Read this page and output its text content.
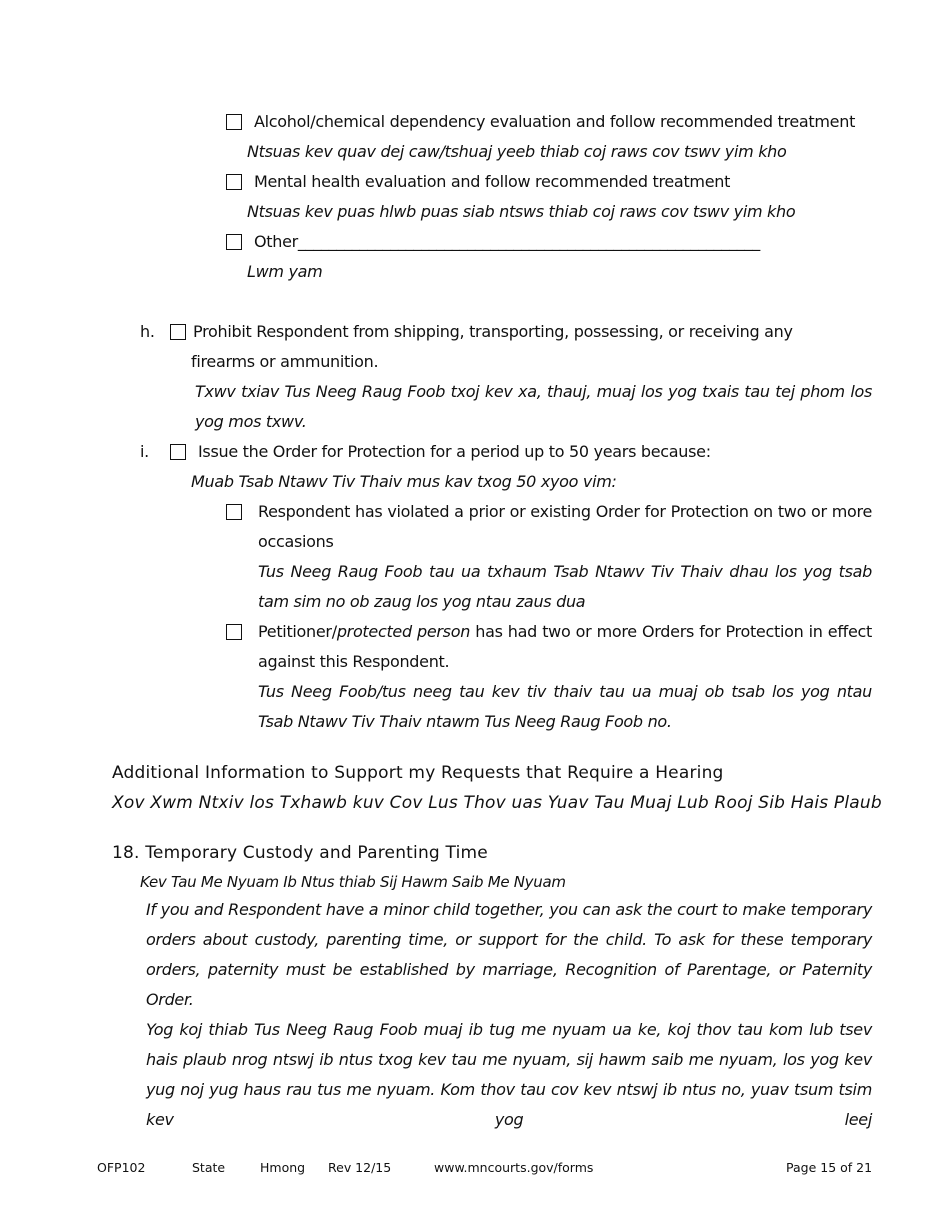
Alcohol/chemical dependency evaluation and follow recommended treatment
Ntsuas kev quav dej caw/tshuaj yeeb thiab coj raws cov tswv yim kho
Mental health evaluation and follow recommended treatment
Ntsuas kev puas hlwb puas siab ntsws thiab coj raws cov tswv yim kho
Other____________________________________________________________
Lwm yam
h. Prohibit Respondent from shipping, transporting, possessing, or receiving any
firearms or ammunition.
Txwv txiav Tus Neeg Raug Foob txoj kev xa, thauj, muaj los yog txais tau tej phom los yog mos txwv.
i.	Issue the Order for Protection for a period up to 50 years because:
Muab Tsab Ntawv Tiv Thaiv mus kav txog 50 xyoo vim:
Respondent has violated a prior or existing Order for Protection on two or more occasions
Tus Neeg Raug Foob tau ua txhaum Tsab Ntawv Tiv Thaiv dhau los yog tsab tam sim no ob zaug los yog ntau zaus dua
Petitioner/protected person has had two or more Orders for Protection in effect against this Respondent.
Tus Neeg Foob/tus neeg tau kev tiv thaiv tau ua muaj ob tsab los yog ntau Tsab Ntawv Tiv Thaiv ntawm Tus Neeg Raug Foob no.
Additional Information to Support my Requests that Require a Hearing
Xov Xwm Ntxiv los Txhawb kuv Cov Lus Thov uas Yuav Tau Muaj Lub Rooj Sib Hais Plaub
18. Temporary Custody and Parenting Time
Kev Tau Me Nyuam Ib Ntus thiab Sij Hawm Saib Me Nyuam
If you and Respondent have a minor child together, you can ask the court to make temporary orders about custody, parenting time, or support for the child. To ask for these temporary orders, paternity must be established by marriage, Recognition of Parentage, or Paternity Order.
Yog koj thiab Tus Neeg Raug Foob muaj ib tug me nyuam ua ke, koj thov tau kom lub tsev hais plaub nrog ntswj ib ntus txog kev tau me nyuam, sij hawm saib me nyuam, los yog kev yug noj yug haus rau tus me nyuam. Kom thov tau cov kev ntswj ib ntus no, yuav tsum tsim kev yog leej
OFP102	State	Hmong Rev 12/15	www.mncourts.gov/forms	Page 15 of 21
